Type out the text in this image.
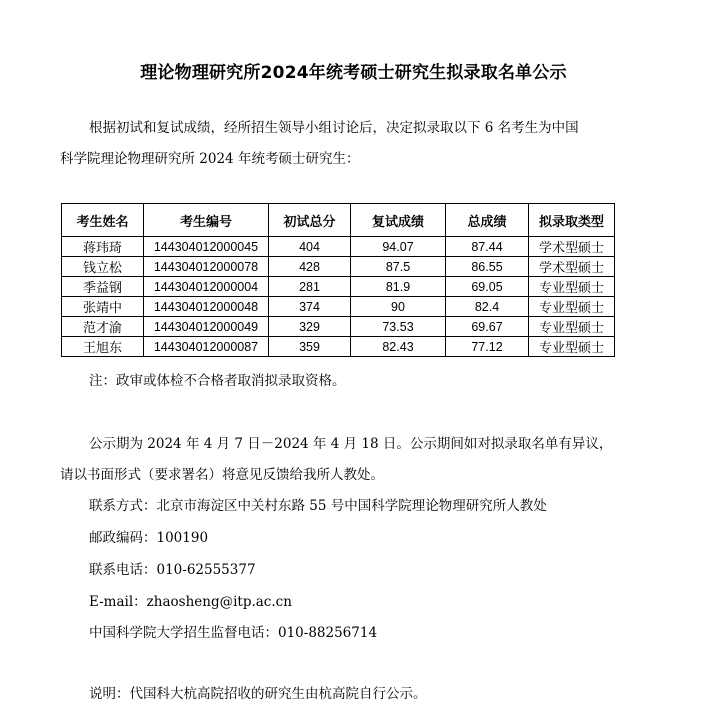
理论物理研究所2024年统考硕士研究生拟录取名单公示
根据初试和复试成绩，经所招生领导小组讨论后，决定拟录取以下 6 名考生为中国
科学院理论物理研究所 2024 年统考硕士研究生：
考生姓名	考生编号	初试总分	复试成绩	总成绩	拟录取类型
蒋玮琦	144304012000045	404	94.07	87.44	学术型硕士
钱立松	144304012000078	428	87.5	86.55	学术型硕士
季益钢	144304012000004	281	81.9	69.05	专业型硕士
张靖中	144304012000048	374	90	82.4	专业型硕士
范才渝	144304012000049	329	73.53	69.67	专业型硕士
王旭东	144304012000087	359	82.43	77.12	专业型硕士
注：政审或体检不合格者取消拟录取资格。
公示期为 2024 年 4 月 7 日－2024 年 4 月 18 日。公示期间如对拟录取名单有异议，
请以书面形式（要求署名）将意见反馈给我所人教处。
联系方式：北京市海淀区中关村东路 55 号中国科学院理论物理研究所人教处
邮政编码：100190
联系电话：010-62555377
E-mail：zhaosheng@itp.ac.cn
中国科学院大学招生监督电话：010-88256714
说明：代国科大杭高院招收的研究生由杭高院自行公示。
